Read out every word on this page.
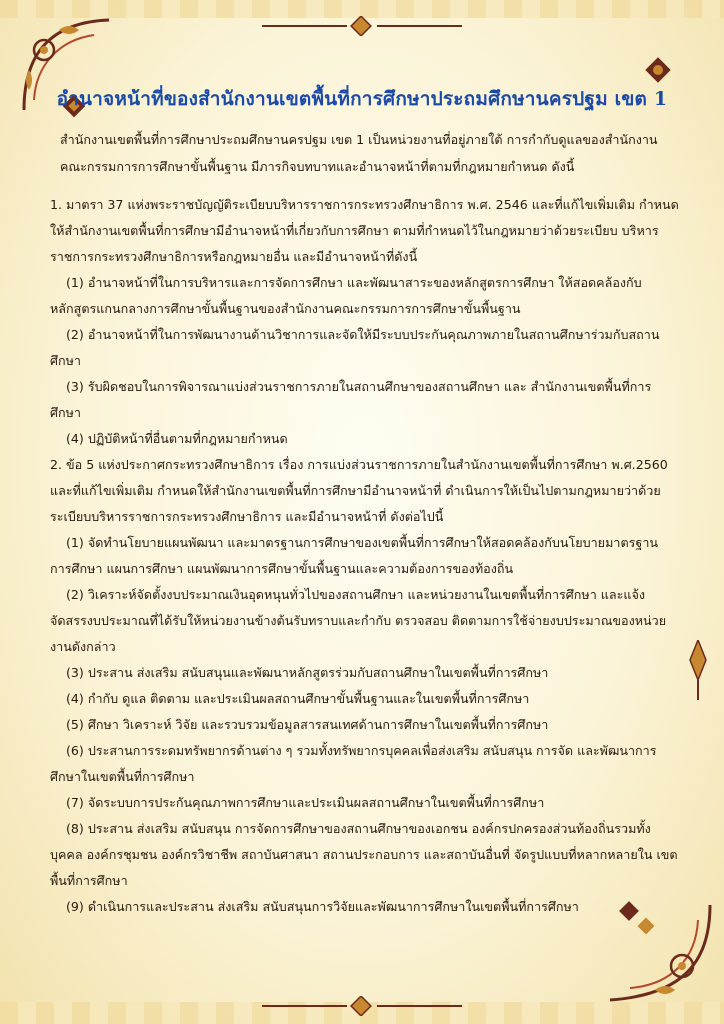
อำนาจหน้าที่ของสำนักงานเขตพื้นที่การศึกษาประถมศึกษานครปฐม เขต 1

สำนักงานเขตพื้นที่การศึกษาประถมศึกษานครปฐม เขต 1 เป็นหน่วยงานที่อยู่ภายใต้ การกำกับดูแลของสำนักงาน คณะกรรมการการศึกษาขั้นพื้นฐาน มีภารกิจบทบาทและอำนาจหน้าที่ตามที่กฎหมายกำหนด ดังนี้

1. มาตรา 37 แห่งพระราชบัญญัติระเบียบบริหารราชการกระทรวงศึกษาธิการ พ.ศ. 2546 และที่แก้ไขเพิ่มเติม กำหนดให้สำนักงานเขตพื้นที่การศึกษามีอำนาจหน้าที่เกี่ยวกับการศึกษา ตามที่กำหนดไว้ในกฎหมายว่าด้วยระเบียบ บริหารราชการกระทรวงศึกษาธิการหรือกฎหมายอื่น และมีอำนาจหน้าที่ดังนี้

(1) อำนาจหน้าที่ในการบริหารและการจัดการศึกษา และพัฒนาสาระของหลักสูตรการศึกษา ให้สอดคล้องกับ หลักสูตรแกนกลางการศึกษาขั้นพื้นฐานของสำนักงานคณะกรรมการการศึกษาขั้นพื้นฐาน

(2) อำนาจหน้าที่ในการพัฒนางานด้านวิชาการและจัดให้มีระบบประกันคุณภาพภายในสถานศึกษาร่วมกับสถาน ศึกษา

(3) รับผิดชอบในการพิจารณาแบ่งส่วนราชการภายในสถานศึกษาของสถานศึกษา และ สำนักงานเขตพื้นที่การศึกษา

(4) ปฏิบัติหน้าที่อื่นตามที่กฎหมายกำหนด

2. ข้อ 5 แห่งประกาศกระทรวงศึกษาธิการ เรื่อง การแบ่งส่วนราชการภายในสำนักงานเขตพื้นที่การศึกษา พ.ศ.2560 และที่แก้ไขเพิ่มเติม กำหนดให้สำนักงานเขตพื้นที่การศึกษามีอำนาจหน้าที่ ดำเนินการให้เป็นไปตามกฎหมายว่าด้วย ระเบียบบริหารราชการกระทรวงศึกษาธิการ และมีอำนาจหน้าที่ ดังต่อไปนี้

(1) จัดทำนโยบายแผนพัฒนา และมาตรฐานการศึกษาของเขตพื้นที่การศึกษาให้สอดคล้องกับนโยบายมาตรฐาน การศึกษา แผนการศึกษา แผนพัฒนาการศึกษาขั้นพื้นฐานและความต้องการของท้องถิ่น

(2) วิเคราะห์จัดตั้งงบประมาณเงินอุดหนุนทั่วไปของสถานศึกษา และหน่วยงานในเขตพื้นที่การศึกษา และแจ้ง จัดสรรงบประมาณที่ได้รับให้หน่วยงานข้างต้นรับทราบและกำกับ ตรวจสอบ ติดตามการใช้จ่ายงบประมาณของหน่วย งานดังกล่าว

(3) ประสาน ส่งเสริม สนับสนุนและพัฒนาหลักสูตรร่วมกับสถานศึกษาในเขตพื้นที่การศึกษา

(4) กำกับ ดูแล ติดตาม และประเมินผลสถานศึกษาขั้นพื้นฐานและในเขตพื้นที่การศึกษา

(5) ศึกษา วิเคราะห์ วิจัย และรวบรวมข้อมูลสารสนเทศด้านการศึกษาในเขตพื้นที่การศึกษา

(6) ประสานการระดมทรัพยากรด้านต่าง ๆ รวมทั้งทรัพยากรบุคคลเพื่อส่งเสริม สนับสนุน การจัด และพัฒนาการ ศึกษาในเขตพื้นที่การศึกษา

(7) จัดระบบการประกันคุณภาพการศึกษาและประเมินผลสถานศึกษาในเขตพื้นที่การศึกษา

(8) ประสาน ส่งเสริม สนับสนุน การจัดการศึกษาของสถานศึกษาของเอกชน องค์กรปกครองส่วนท้องถิ่นรวมทั้ง บุคคล องค์กรชุมชน องค์กรวิชาชีพ สถาบันศาสนา สถานประกอบการ และสถาบันอื่นที่ จัดรูปแบบที่หลากหลายใน เขตพื้นที่การศึกษา

(9) ดำเนินการและประสาน ส่งเสริม สนับสนุนการวิจัยและพัฒนาการศึกษาในเขตพื้นที่การศึกษา
